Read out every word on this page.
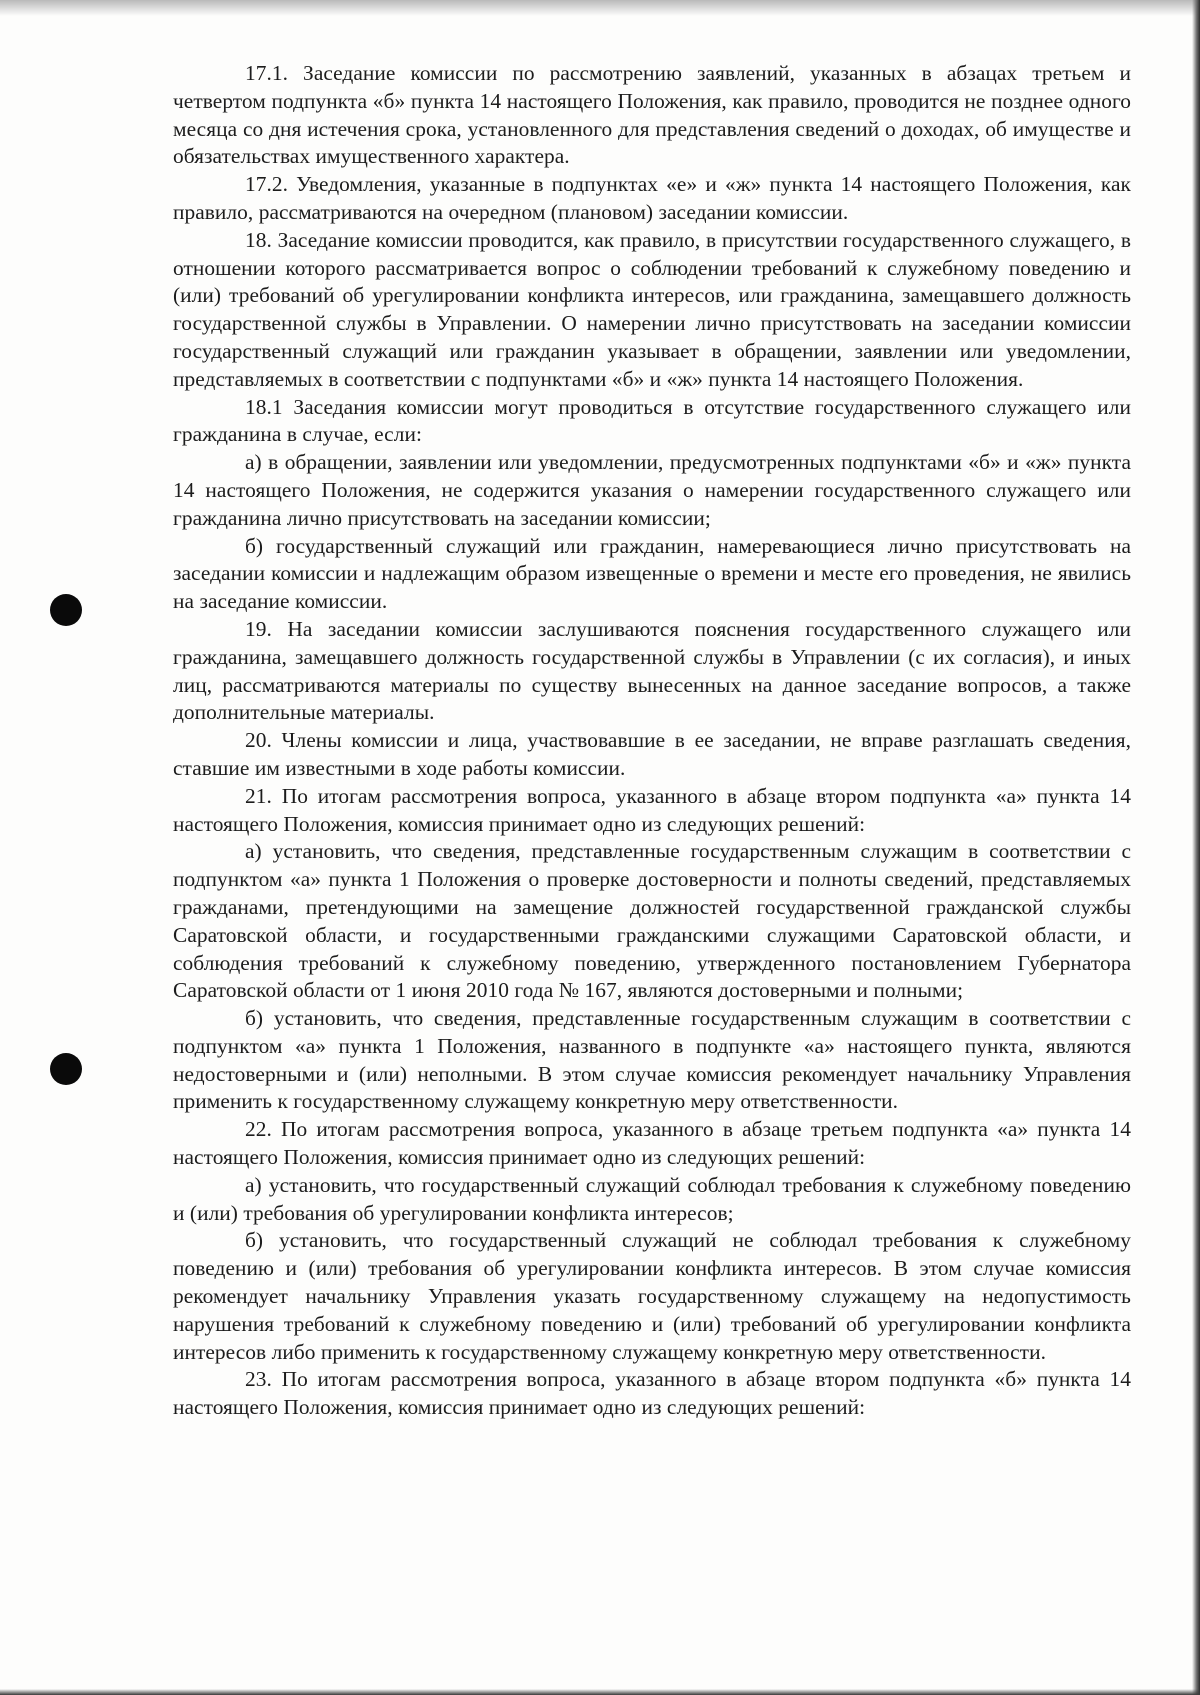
17.1. Заседание комиссии по рассмотрению заявлений, указанных в абзацах третьем и четвертом подпункта «б» пункта 14 настоящего Положения, как правило, проводится не позднее одного месяца со дня истечения срока, установленного для представления сведений о доходах, об имуществе и обязательствах имущественного характера.

17.2. Уведомления, указанные в подпунктах «е» и «ж» пункта 14 настоящего Положения, как правило, рассматриваются на очередном (плановом) заседании комиссии.

18. Заседание комиссии проводится, как правило, в присутствии государственного служащего, в отношении которого рассматривается вопрос о соблюдении требований к служебному поведению и (или) требований об урегулировании конфликта интересов, или гражданина, замещавшего должность государственной службы в Управлении. О намерении лично присутствовать на заседании комиссии государственный служащий или гражданин указывает в обращении, заявлении или уведомлении, представляемых в соответствии с подпунктами «б» и «ж» пункта 14 настоящего Положения.

18.1 Заседания комиссии могут проводиться в отсутствие государственного служащего или гражданина в случае, если:

а) в обращении, заявлении или уведомлении, предусмотренных подпунктами «б» и «ж» пункта 14 настоящего Положения, не содержится указания о намерении государственного служащего или гражданина лично присутствовать на заседании комиссии;

б) государственный служащий или гражданин, намеревающиеся лично присутствовать на заседании комиссии и надлежащим образом извещенные о времени и месте его проведения, не явились на заседание комиссии.

19. На заседании комиссии заслушиваются пояснения государственного служащего или гражданина, замещавшего должность государственной службы в Управлении (с их согласия), и иных лиц, рассматриваются материалы по существу вынесенных на данное заседание вопросов, а также дополнительные материалы.

20. Члены комиссии и лица, участвовавшие в ее заседании, не вправе разглашать сведения, ставшие им известными в ходе работы комиссии.

21. По итогам рассмотрения вопроса, указанного в абзаце втором подпункта «а» пункта 14 настоящего Положения, комиссия принимает одно из следующих решений:

а) установить, что сведения, представленные государственным служащим в соответствии с подпунктом «а» пункта 1 Положения о проверке достоверности и полноты сведений, представляемых гражданами, претендующими на замещение должностей государственной гражданской службы Саратовской области, и государственными гражданскими служащими Саратовской области, и соблюдения требований к служебному поведению, утвержденного постановлением Губернатора Саратовской области от 1 июня 2010 года № 167, являются достоверными и полными;

б) установить, что сведения, представленные государственным служащим в соответствии с подпунктом «а» пункта 1 Положения, названного в подпункте «а» настоящего пункта, являются недостоверными и (или) неполными. В этом случае комиссия рекомендует начальнику Управления применить к государственному служащему конкретную меру ответственности.

22. По итогам рассмотрения вопроса, указанного в абзаце третьем подпункта «а» пункта 14 настоящего Положения, комиссия принимает одно из следующих решений:

а) установить, что государственный служащий соблюдал требования к служебному поведению и (или) требования об урегулировании конфликта интересов;

б) установить, что государственный служащий не соблюдал требования к служебному поведению и (или) требования об урегулировании конфликта интересов. В этом случае комиссия рекомендует начальнику Управления указать государственному служащему на недопустимость нарушения требований к служебному поведению и (или) требований об урегулировании конфликта интересов либо применить к государственному служащему конкретную меру ответственности.

23. По итогам рассмотрения вопроса, указанного в абзаце втором подпункта «б» пункта 14 настоящего Положения, комиссия принимает одно из следующих решений:
